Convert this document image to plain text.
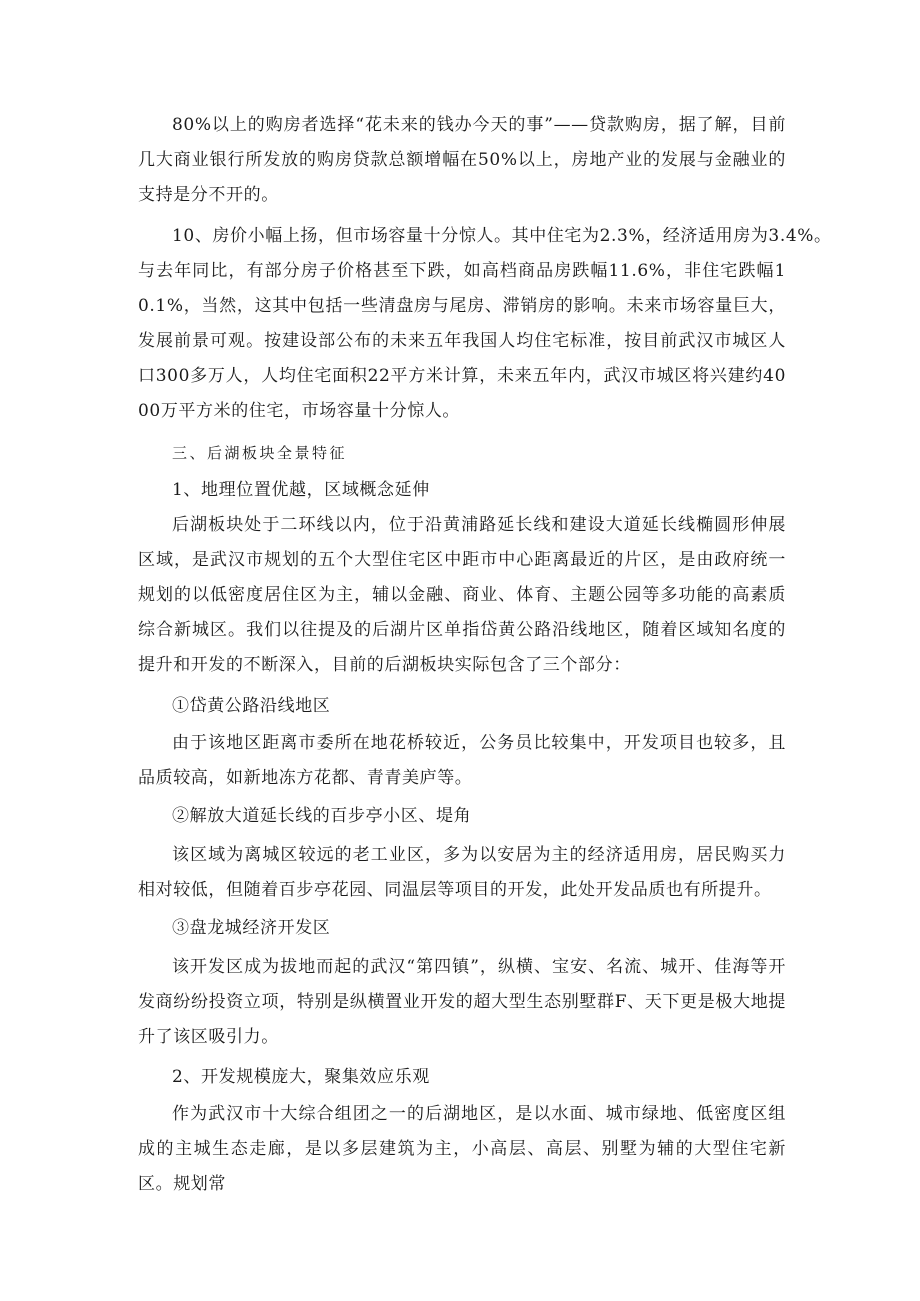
80%以上的购房者选择“花未来的钱办今天的事”——贷款购房，据了解，目前几大商业银行所发放的购房贷款总额增幅在50%以上，房地产业的发展与金融业的支持是分不开的。

10、房价小幅上扬，但市场容量十分惊人。其中住宅为2.3%，经济适用房为3.4%。

与去年同比，有部分房子价格甚至下跌，如高档商品房跌幅11.6%，非住宅跌幅10.1%，当然，这其中包括一些清盘房与尾房、滞销房的影响。未来市场容量巨大，发展前景可观。按建设部公布的未来五年我国人均住宅标准，按目前武汉市城区人口300多万人，人均住宅面积22平方米计算，未来五年内，武汉市城区将兴建约4000万平方米的住宅，市场容量十分惊人。

三、后湖板块全景特征

1、地理位置优越，区域概念延伸

后湖板块处于二环线以内，位于沿黄浦路延长线和建设大道延长线椭圆形伸展区域，是武汉市规划的五个大型住宅区中距市中心距离最近的片区，是由政府统一规划的以低密度居住区为主，辅以金融、商业、体育、主题公园等多功能的高素质综合新城区。我们以往提及的后湖片区单指岱黄公路沿线地区，随着区域知名度的提升和开发的不断深入，目前的后湖板块实际包含了三个部分：

①岱黄公路沿线地区

由于该地区距离市委所在地花桥较近，公务员比较集中，开发项目也较多，且品质较高，如新地冻方花都、青青美庐等。

②解放大道延长线的百步亭小区、堤角

该区域为离城区较远的老工业区，多为以安居为主的经济适用房，居民购买力相对较低，但随着百步亭花园、同温层等项目的开发，此处开发品质也有所提升。

③盘龙城经济开发区

该开发区成为拔地而起的武汉“第四镇”，纵横、宝安、名流、城开、佳海等开发商纷纷投资立项，特别是纵横置业开发的超大型生态别墅群F、天下更是极大地提升了该区吸引力。

2、开发规模庞大，聚集效应乐观

作为武汉市十大综合组团之一的后湖地区，是以水面、城市绿地、低密度区组成的主城生态走廊，是以多层建筑为主，小高层、高层、别墅为辅的大型住宅新区。规划常
